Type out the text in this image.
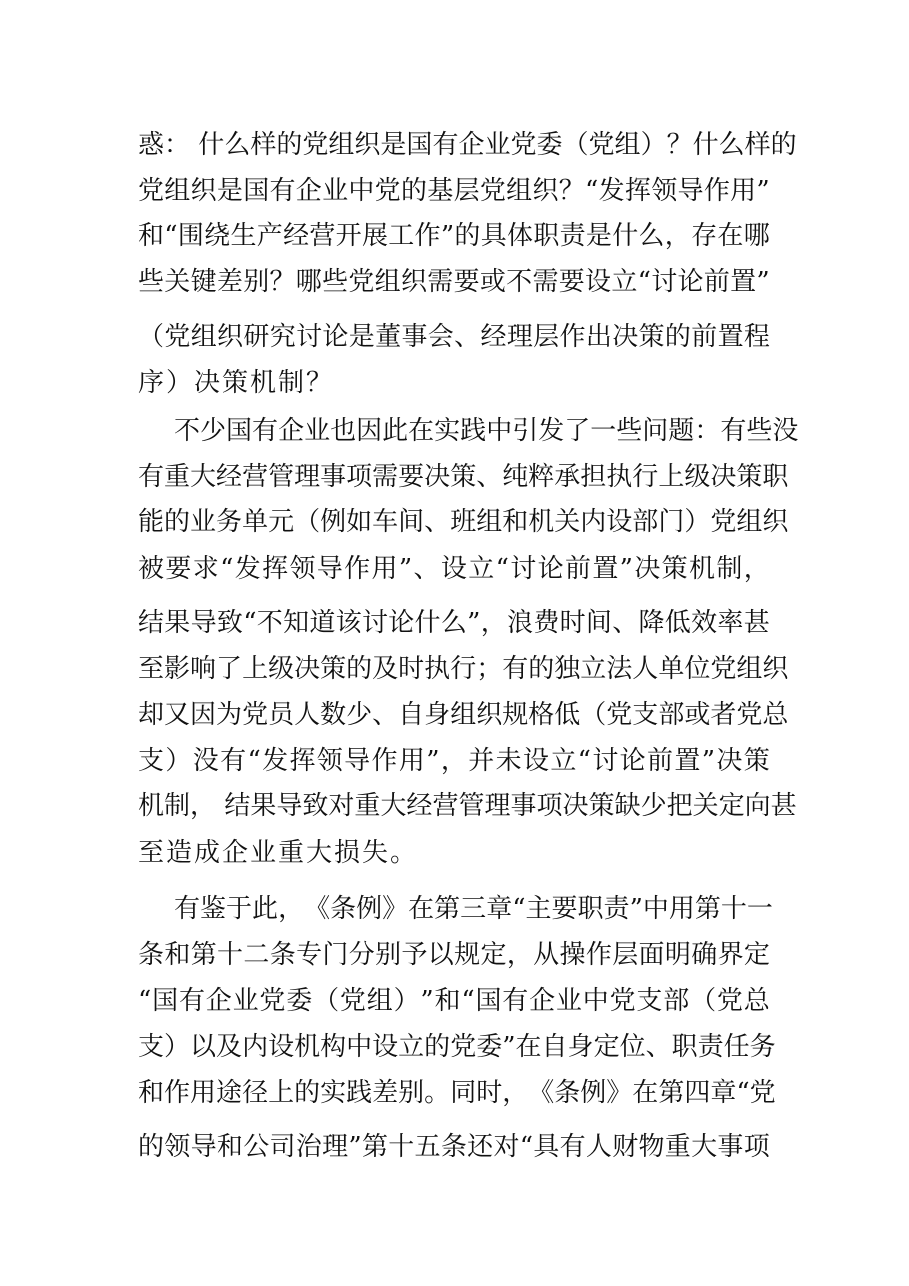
惑 ：
什 么 样 的 党 组 织 是 国 有 企 业 党 委 （ 党 组 ） ？ 什 么 样 的
党 组 织 是 国 有 企 业 中 党 的 基 层 党 组 织 ？ “ 发 挥 领 导 作 用 ”
和 “ 围 绕 生 产 经 营 开 展 工 作 ” 的 具 体 职 责 是 什 么 ， 存 在 哪
些 关 键 差 别 ？ 哪 些 党 组 织 需 要 或 不 需 要 设 立 “ 讨 论 前 置 ”
（ 党 组 织 研 究 讨 论 是 董 事 会 、 经 理 层 作 出 决 策 的 前 置 程
序）决策机制？
不 少 国 有 企 业 也 因 此 在 实 践 中 引 发 了 一 些 问 题 ： 有 些 没
有 重 大 经 营 管 理 事 项 需 要 决 策 、 纯 粹 承 担 执 行 上 级 决 策 职
能 的 业 务 单 元 （ 例 如 车 间 、 班 组 和 机 关 内 设 部 门 ） 党 组 织
被 要 求 “ 发 挥 领 导 作 用 ” 、 设 立 “ 讨 论 前 置 ” 决 策 机 制 ，
结 果 导 致 “ 不 知 道 该 讨 论 什 么 ” ， 浪 费 时 间 、 降 低 效 率 甚
至 影 响 了 上 级 决 策 的 及 时 执 行 ； 有 的 独 立 法 人 单 位 党 组 织
却 又 因 为 党 员 人 数 少 、 自 身 组 织 规 格 低 （ 党 支 部 或 者 党 总
支 ） 没 有 “ 发 挥 领 导 作 用 ” ， 并 未 设 立 “ 讨 论 前 置 ” 决 策
机 制 ，
结 果 导 致 对 重 大 经 营 管 理 事 项 决 策 缺 少 把 关 定 向 甚
至造成企业重大损失。
有 鉴 于 此 ， 《 条 例 》 在 第 三 章 “ 主 要 职 责 ” 中 用 第 十 一
条 和 第 十 二 条 专 门 分 别 予 以 规 定 ， 从 操 作 层 面 明 确 界 定
“ 国 有 企 业 党 委 （ 党 组 ） ” 和 “ 国 有 企 业 中 党 支 部 （ 党 总
支 ） 以 及 内 设 机 构 中 设 立 的 党 委 ” 在 自 身 定 位 、 职 责 任 务
和 作 用 途 径 上 的 实 践 差 别 。 同 时 ， 《 条 例 》 在 第 四 章 “ 党
的 领 导 和 公 司 治 理 ” 第 十 五 条 还 对 “ 具 有 人 财 物 重 大 事 项
